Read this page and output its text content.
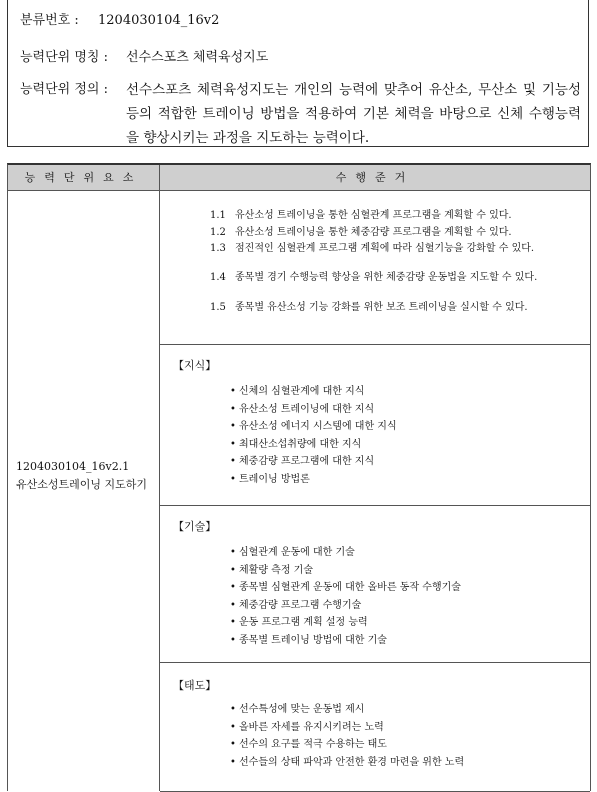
분류번호 : 1204030104_16v2
능력단위 명칭 : 선수스포츠 체력육성지도
능력단위 정의 : 선수스포츠 체력육성지도는 개인의 능력에 맞추어 유산소, 무산소 및 기능성 등의 적합한 트레이닝 방법을 적용하여 기본 체력을 바탕으로 신체 수행능력을 향상시키는 과정을 지도하는 능력이다.
능력단위요소	수행준거
1204030104_16v2.1
유산소성트레이닝 지도하기
1.1 유산소성 트레이닝을 통한 심혈관계 프로그램을 계획할 수 있다.
1.2 유산소성 트레이닝을 통한 체중감량 프로그램을 계획할 수 있다.
1.3 점진적인 심혈관계 프로그램 계획에 따라 심혈기능을 강화할 수 있다.
1.4 종목별 경기 수행능력 향상을 위한 체중감량 운동법을 지도할 수 있다.
1.5 종목별 유산소성 기능 강화를 위한 보조 트레이닝을 실시할 수 있다.
【지식】
• 신체의 심혈관계에 대한 지식
• 유산소성 트레이닝에 대한 지식
• 유산소성 에너지 시스템에 대한 지식
• 최대산소섭취량에 대한 지식
• 체중감량 프로그램에 대한 지식
• 트레이닝 방법론
【기술】
• 심혈관계 운동에 대한 기술
• 체활량 측정 기술
• 종목별 심혈관계 운동에 대한 올바른 동작 수행기술
• 체중감량 프로그램 수행기술
• 운동 프로그램 계획 설정 능력
• 종목별 트레이닝 방법에 대한 기술
【태도】
• 선수특성에 맞는 운동법 제시
• 올바른 자세를 유지시키려는 노력
• 선수의 요구를 적극 수용하는 태도
• 선수들의 상태 파악과 안전한 환경 마련을 위한 노력
